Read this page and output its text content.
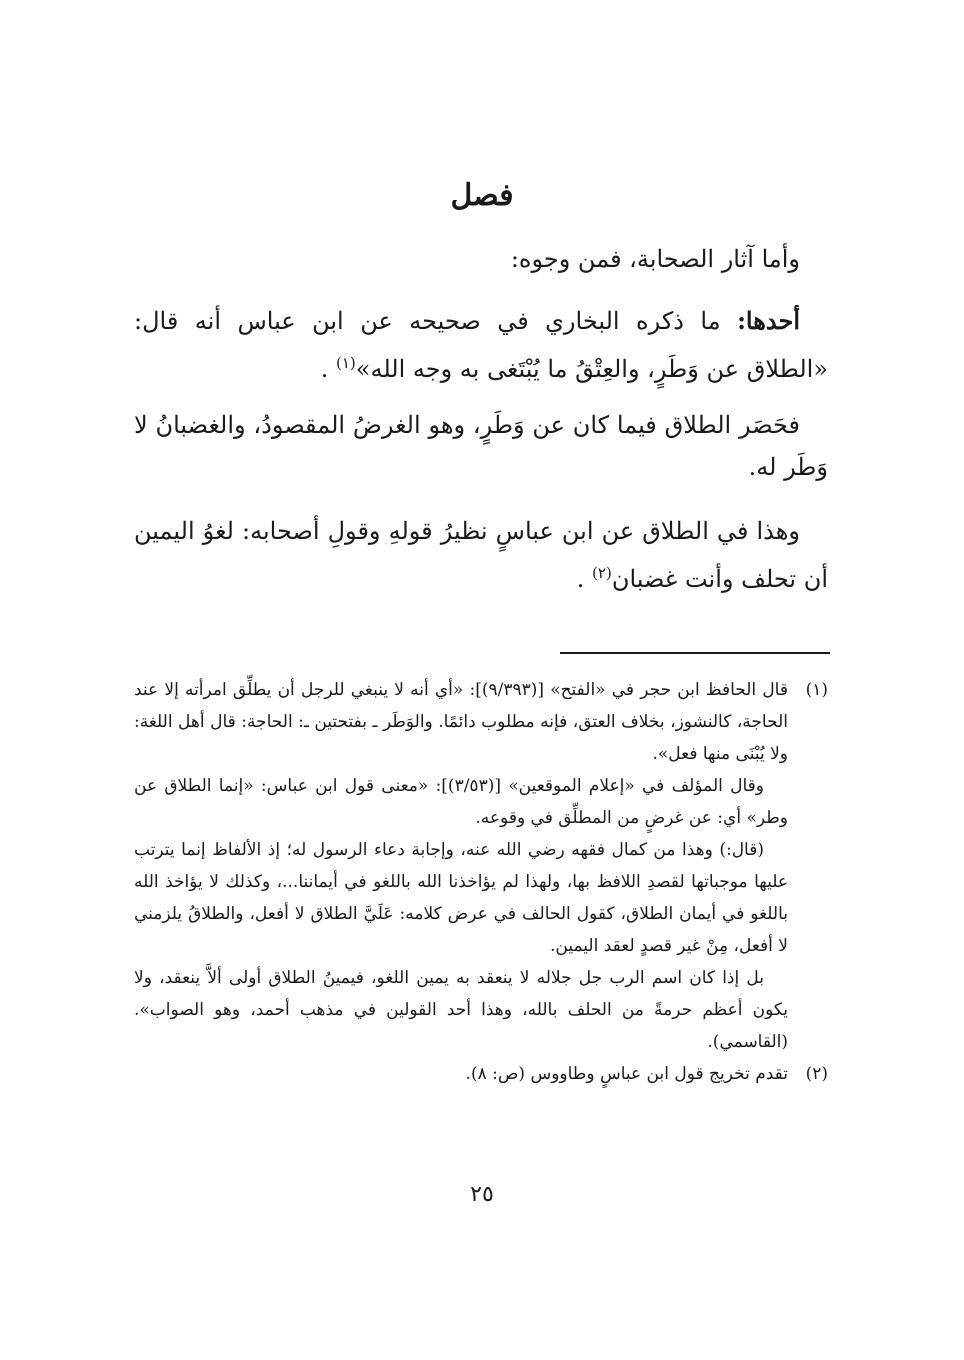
فصل

وأما آثار الصحابة، فمن وجوه:

أحدها: ما ذكره البخاري في صحيحه عن ابن عباس أنه قال: «الطلاق عن وَطَرٍ، والعِتْقُ ما يُبْتَغى به وجه الله»$^{(١)}$ .

فحَصَر الطلاق فيما كان عن وَطَرٍ، وهو الغرضُ المقصودُ، والغضبانُ لا وَطَر له.

وهذا في الطلاق عن ابن عباسٍ نظيرُ قولهِ وقولِ أصحابه: لغوُ اليمين أن تحلف وأنت غضبان$^{(٢)}$ .

(١)

قال الحافظ ابن حجر في «الفتح» [(٩/٣٩٣)]: «أي أنه لا ينبغي للرجل أن يطلِّق امرأته إلا عند الحاجة، كالنشوز، بخلاف العتق، فإنه مطلوب دائمًا. والوَطَر ـ بفتحتين ـ: الحاجة: قال أهل اللغة: ولا يُبْنَى منها فعل».

وقال المؤلف في «إعلام الموقعين» [(٣/٥٣)]: «معنى قول ابن عباس: «إنما الطلاق عن وطر» أي: عن غرضٍ من المطلِّق في وقوعه.

(قال:) وهذا من كمال فقهه رضي الله عنه، وإجابة دعاء الرسول له؛ إذ الألفاظ إنما يترتب عليها موجباتها لقصدِ اللافظ بها، ولهذا لم يؤاخذنا الله باللغو في أيماننا...، وكذلك لا يؤاخذ الله باللغو في أيمان الطلاق، كقول الحالف في عرض كلامه: عَلَيَّ الطلاق لا أفعل، والطلاقُ يلزمني لا أفعل، مِنْ غير قصدٍ لعقد اليمين.

بل إذا كان اسم الرب جل جلاله لا ينعقد به يمين اللغو، فيمينُ الطلاق أولى ألاَّ ينعقد، ولا يكون أعظم حرمةً من الحلف بالله، وهذا أحد القولين في مذهب أحمد، وهو الصواب». (القاسمي).

(٢)

تقدم تخريج قول ابن عباسٍ وطاووس (ص: ٨).

٢٥
